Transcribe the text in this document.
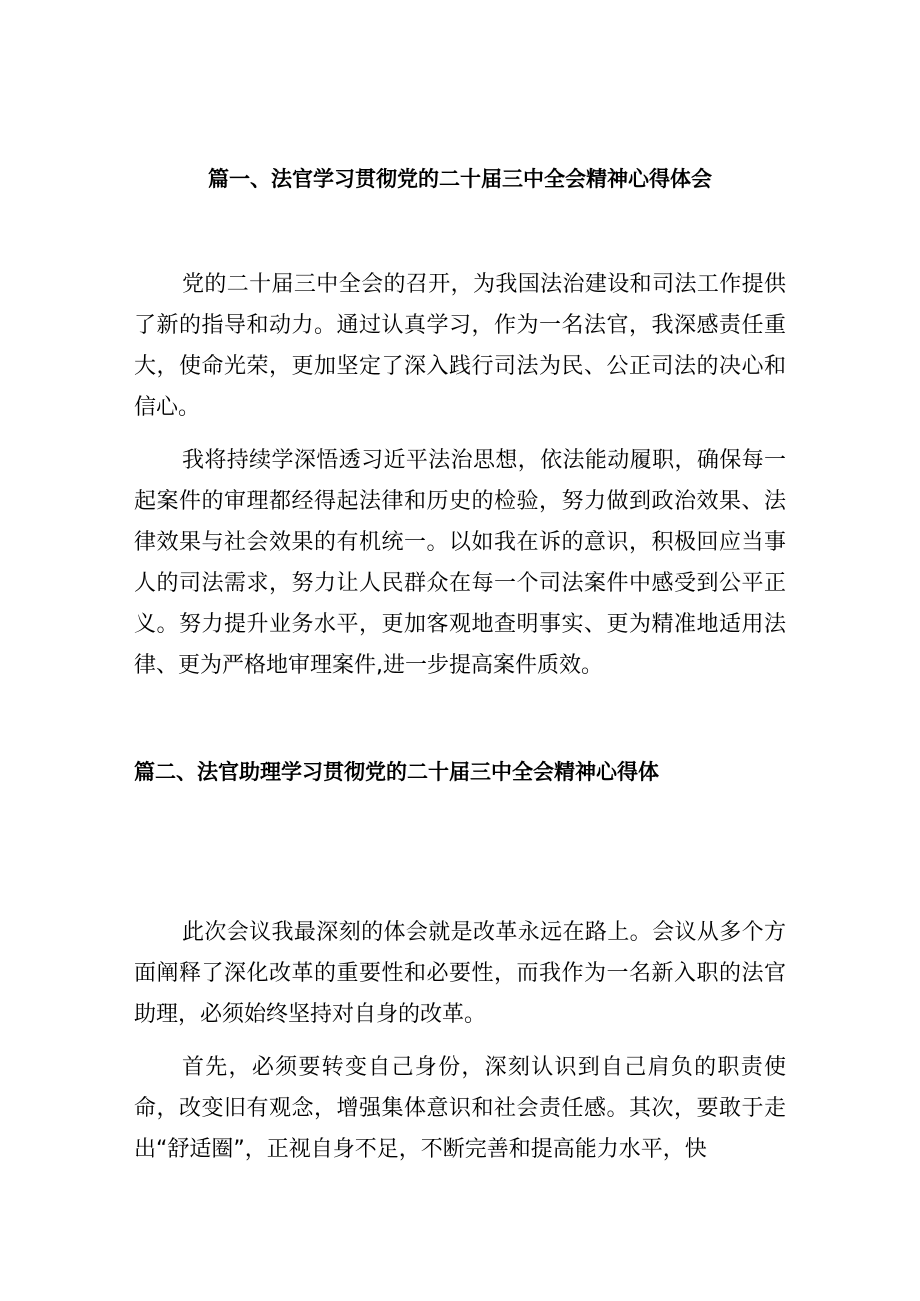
篇一、法官学习贯彻党的二十届三中全会精神心得体会

党的二十届三中全会的召开，为我国法治建设和司法工作提供了新的指导和动力。通过认真学习，作为一名法官，我深感责任重大，使命光荣，更加坚定了深入践行司法为民、公正司法的决心和信心。

我将持续学深悟透习近平法治思想，依法能动履职，确保每一起案件的审理都经得起法律和历史的检验，努力做到政治效果、法律效果与社会效果的有机统一。以如我在诉的意识，积极回应当事人的司法需求，努力让人民群众在每一个司法案件中感受到公平正义。努力提升业务水平，更加客观地查明事实、更为精准地适用法律、更为严格地审理案件,进一步提高案件质效。

篇二、法官助理学习贯彻党的二十届三中全会精神心得体

此次会议我最深刻的体会就是改革永远在路上。会议从多个方面阐释了深化改革的重要性和必要性，而我作为一名新入职的法官助理，必须始终坚持对自身的改革。

首先，必须要转变自己身份，深刻认识到自己肩负的职责使命，改变旧有观念，增强集体意识和社会责任感。其次，要敢于走出“舒适圈”，正视自身不足，不断完善和提高能力水平，快
